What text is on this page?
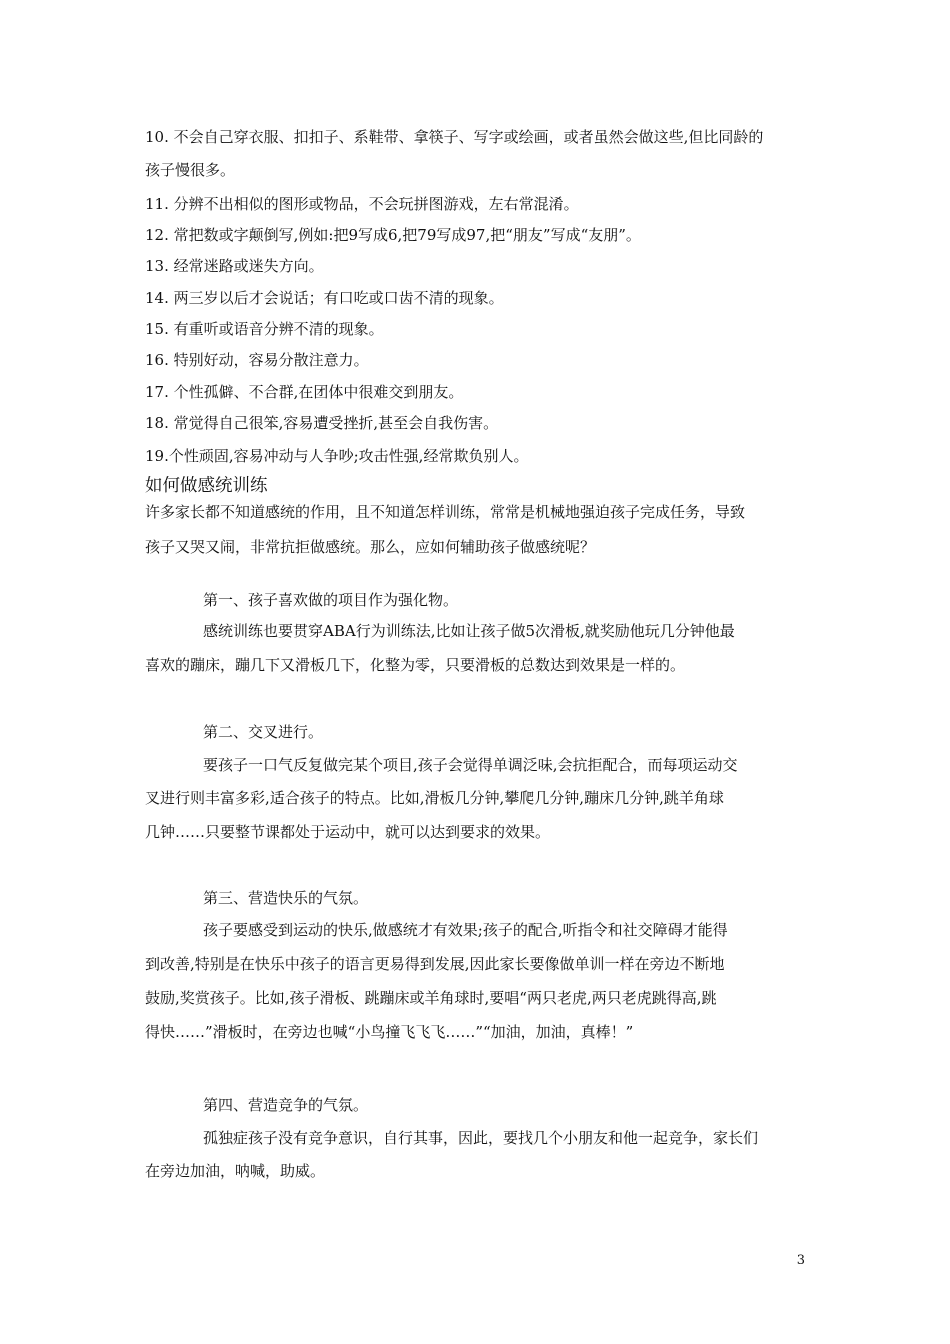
10. 不会自己穿衣服、扣扣子、系鞋带、拿筷子、写字或绘画，或者虽然会做这些,但比同龄的
孩子慢很多。
11. 分辨不出相似的图形或物品，不会玩拼图游戏，左右常混淆。
12. 常把数或字颠倒写,例如:把9写成6,把79写成97,把“朋友”写成“友朋”。
13. 经常迷路或迷失方向。
14. 两三岁以后才会说话；有口吃或口齿不清的现象。
15. 有重听或语音分辨不清的现象。
16. 特别好动，容易分散注意力。
17. 个性孤僻、不合群,在团体中很难交到朋友。
18. 常觉得自己很笨,容易遭受挫折,甚至会自我伤害。
19.个性顽固,容易冲动与人争吵;攻击性强,经常欺负别人。
如何做感统训练
许多家长都不知道感统的作用，且不知道怎样训练，常常是机械地强迫孩子完成任务，导致
孩子又哭又闹，非常抗拒做感统。那么，应如何辅助孩子做感统呢？
第一、孩子喜欢做的项目作为强化物。
感统训练也要贯穿ABA行为训练法,比如让孩子做5次滑板,就奖励他玩几分钟他最
喜欢的蹦床，蹦几下又滑板几下，化整为零，只要滑板的总数达到效果是一样的。
第二、交叉进行。
要孩子一口气反复做完某个项目,孩子会觉得单调泛味,会抗拒配合，而每项运动交
叉进行则丰富多彩,适合孩子的特点。比如,滑板几分钟,攀爬几分钟,蹦床几分钟,跳羊角球
几钟……只要整节课都处于运动中，就可以达到要求的效果。
第三、营造快乐的气氛。
孩子要感受到运动的快乐,做感统才有效果;孩子的配合,听指令和社交障碍才能得
到改善,特别是在快乐中孩子的语言更易得到发展,因此家长要像做单训一样在旁边不断地
鼓励,奖赏孩子。比如,孩子滑板、跳蹦床或羊角球时,要唱“两只老虎,两只老虎跳得高,跳
得快……”滑板时，在旁边也喊“小鸟撞飞飞飞……”“加油，加油，真棒！”
第四、营造竞争的气氛。
孤独症孩子没有竞争意识，自行其事，因此，要找几个小朋友和他一起竞争，家长们
在旁边加油，呐喊，助威。
3
